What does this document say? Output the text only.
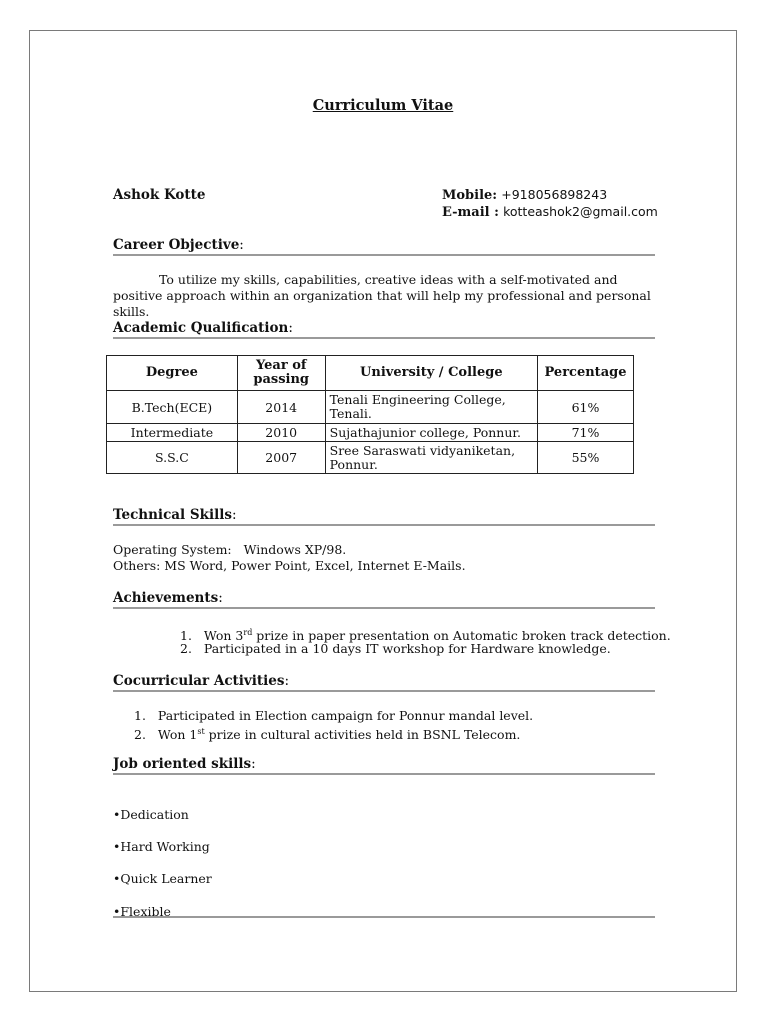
Curriculum Vitae
Ashok Kotte	Mobile: +918056898243
E-mail : kotteashok2@gmail.com
Career Objective:
To utilize my skills, capabilities, creative ideas with a self-motivated and positive approach within an organization that will help my professional and personal skills.
Academic Qualification:
Degree	Year of passing	University / College	Percentage
B.Tech(ECE)	2014	Tenali Engineering College, Tenali.	61%
Intermediate	2010	Sujathajunior college, Ponnur.	71%
S.S.C	2007	Sree Saraswati vidyaniketan, Ponnur.	55%
Technical Skills:
Operating System: Windows XP/98.
Others: MS Word, Power Point, Excel, Internet E-Mails.
Achievements:
1. Won 3rd prize in paper presentation on Automatic broken track detection.
2. Participated in a 10 days IT workshop for Hardware knowledge.
Cocurricular Activities:
1. Participated in Election campaign for Ponnur mandal level.
2. Won 1st prize in cultural activities held in BSNL Telecom.
Job oriented skills:
•Dedication
•Hard Working
•Quick Learner
•Flexible
